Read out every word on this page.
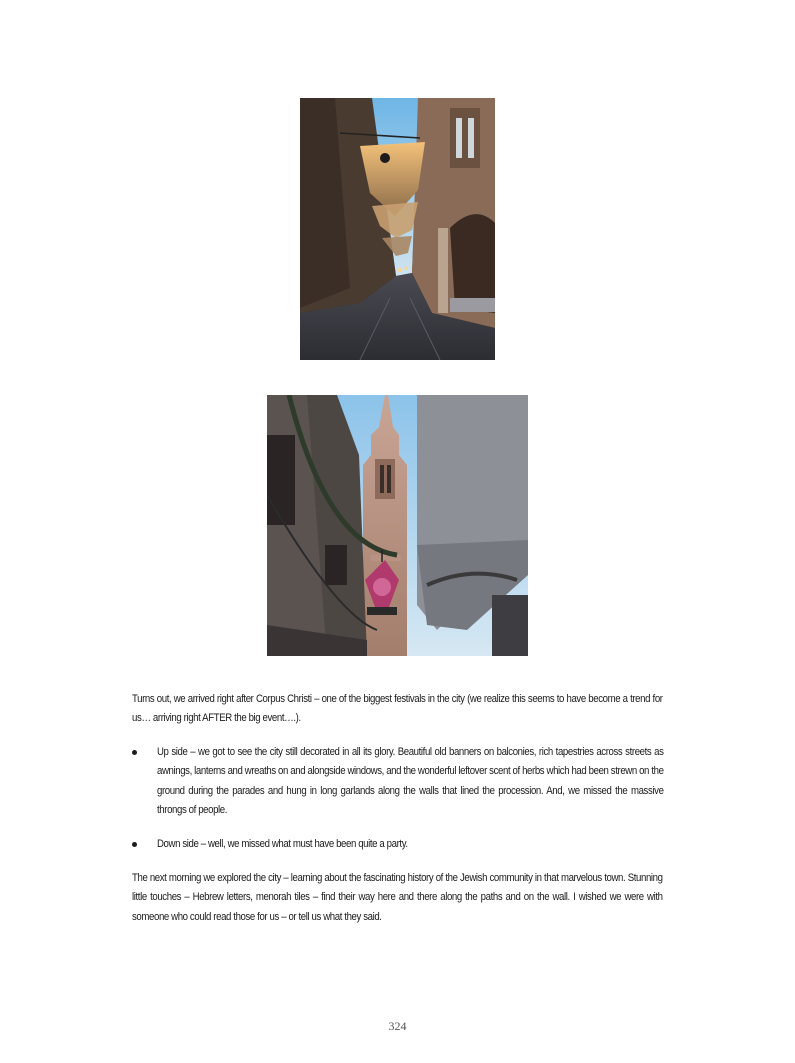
Turns out, we arrived right after Corpus Christi – one of the biggest festivals in the city (we realize this seems to have become a trend for us… arriving right AFTER the big event….).
Up side – we got to see the city still decorated in all its glory. Beautiful old banners on balconies, rich tapestries across streets as awnings, lanterns and wreaths on and alongside windows, and the wonderful leftover scent of herbs which had been strewn on the ground during the parades and hung in long garlands along the walls that lined the procession. And, we missed the massive throngs of people.
Down side – well, we missed what must have been quite a party.
The next morning we explored the city – learning about the fascinating history of the Jewish community in that marvelous town. Stunning little touches – Hebrew letters, menorah tiles – find their way here and there along the paths and on the wall. I wished we were with someone who could read those for us – or tell us what they said.
324
